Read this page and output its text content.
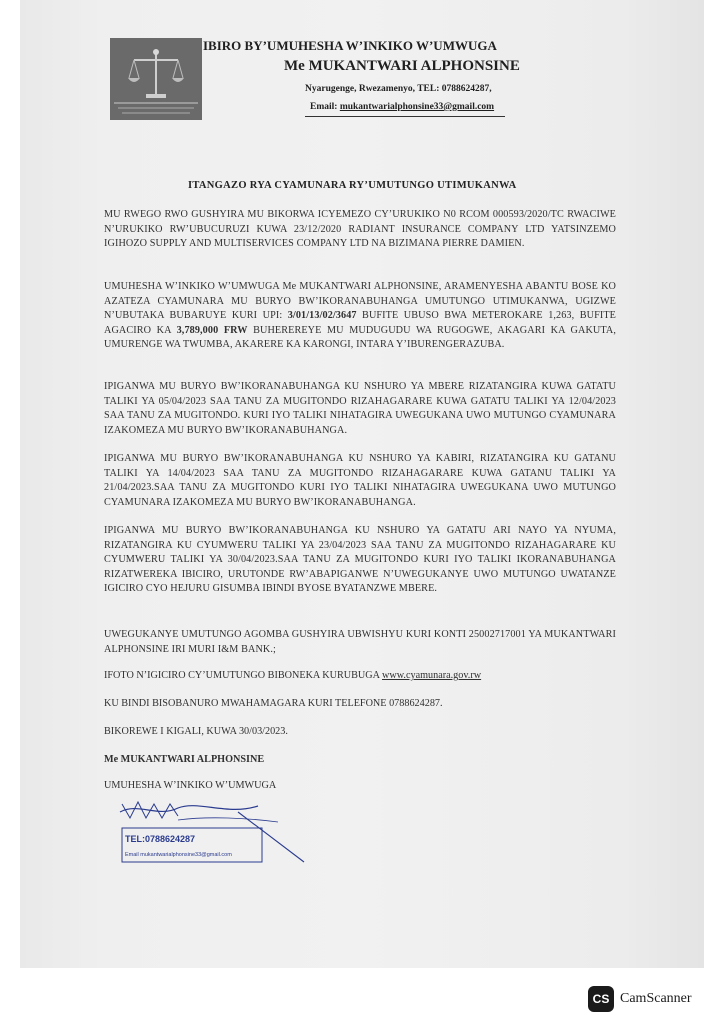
IBIRO BY’UMUHESHA W’INKIKO W’UMWUGA
Me MUKANTWARI ALPHONSINE
Nyarugenge, Rwezamenyo, TEL: 0788624287,
Email: mukantwarialphonsine33@gmail.com
ITANGAZO RYA CYAMUNARA RY’UMUTUNGO UTIMUKANWA
MU RWEGO RWO GUSHYIRA MU BIKORWA ICYEMEZO CY’URUKIKO N0 RCOM 000593/2020/TC RWACIWE N’URUKIKO RW’UBUCURUZI KUWA 23/12/2020 RADIANT INSURANCE COMPANY LTD YATSINZEMO IGIHOZO SUPPLY AND MULTISERVICES COMPANY LTD NA BIZIMANA PIERRE DAMIEN.
UMUHESHA W’INKIKO W’UMWUGA Me MUKANTWARI ALPHONSINE, ARAMENYESHA ABANTU BOSE KO AZATEZA CYAMUNARA MU BURYO BW’IKORANABUHANGA UMUTUNGO UTIMUKANWA, UGIZWE N’UBUTAKA BUBARUYE KURI UPI: 3/01/13/02/3647 BUFITE UBUSO BWA METEROKARE 1,263, BUFITE AGACIRO KA 3,789,000 FRW BUHEREREYE MU MUDUGUDU WA RUGOGWE, AKAGARI KA GAKUTA, UMURENGE WA TWUMBA, AKARERE KA KARONGI, INTARA Y’IBURENGERAZUBA.
IPIGANWA MU BURYO BW’IKORANABUHANGA KU NSHURO YA MBERE RIZATANGIRA KUWA GATATU TALIKI YA 05/04/2023 SAA TANU ZA MUGITONDO RIZAHAGARARE KUWA GATATU TALIKI YA 12/04/2023 SAA TANU ZA MUGITONDO. KURI IYO TALIKI NIHATAGIRA UWEGUKANA UWO MUTUNGO CYAMUNARA IZAKOMEZA MU BURYO BW’IKORANABUHANGA.
IPIGANWA MU BURYO BW’IKORANABUHANGA KU NSHURO YA KABIRI, RIZATANGIRA KU GATANU TALIKI YA 14/04/2023 SAA TANU ZA MUGITONDO RIZAHAGARARE KUWA GATANU TALIKI YA 21/04/2023.SAA TANU ZA MUGITONDO KURI IYO TALIKI NIHATAGIRA UWEGUKANA UWO MUTUNGO CYAMUNARA IZAKOMEZA MU BURYO BW’IKORANABUHANGA.
IPIGANWA MU BURYO BW’IKORANABUHANGA KU NSHURO YA GATATU ARI NAYO YA NYUMA, RIZATANGIRA KU CYUMWERU TALIKI YA 23/04/2023 SAA TANU ZA MUGITONDO RIZAHAGARARE KU CYUMWERU TALIKI YA 30/04/2023.SAA TANU ZA MUGITONDO KURI IYO TALIKI IKORANABUHANGA RIZATWEREKA IBICIRO, URUTONDE RW’ABAPIGANWE N’UWEGUKANYE UWO MUTUNGO UWATANZE IGICIRO CYO HEJURU GISUMBA IBINDI BYOSE BYATANZWE MBERE.
UWEGUKANYE UMUTUNGO AGOMBA GUSHYIRA UBWISHYU KURI KONTI 25002717001 YA MUKANTWARI ALPHONSINE IRI MURI I&M BANK.;
IFOTO N’IGICIRO CY’UMUTUNGO BIBONEKA KURUBUGA www.cyamunara.gov.rw
KU BINDI BISOBANURO MWAHAMAGARA KURI TELEFONE 0788624287.
BIKOREWE I KIGALI, KUWA 30/03/2023.
Me MUKANTWARI ALPHONSINE
UMUHESHA W’INKIKO W’UMWUGA
TEL:0788624287
Email mukantwarialphonsine33@gmail.com
CS CamScanner
